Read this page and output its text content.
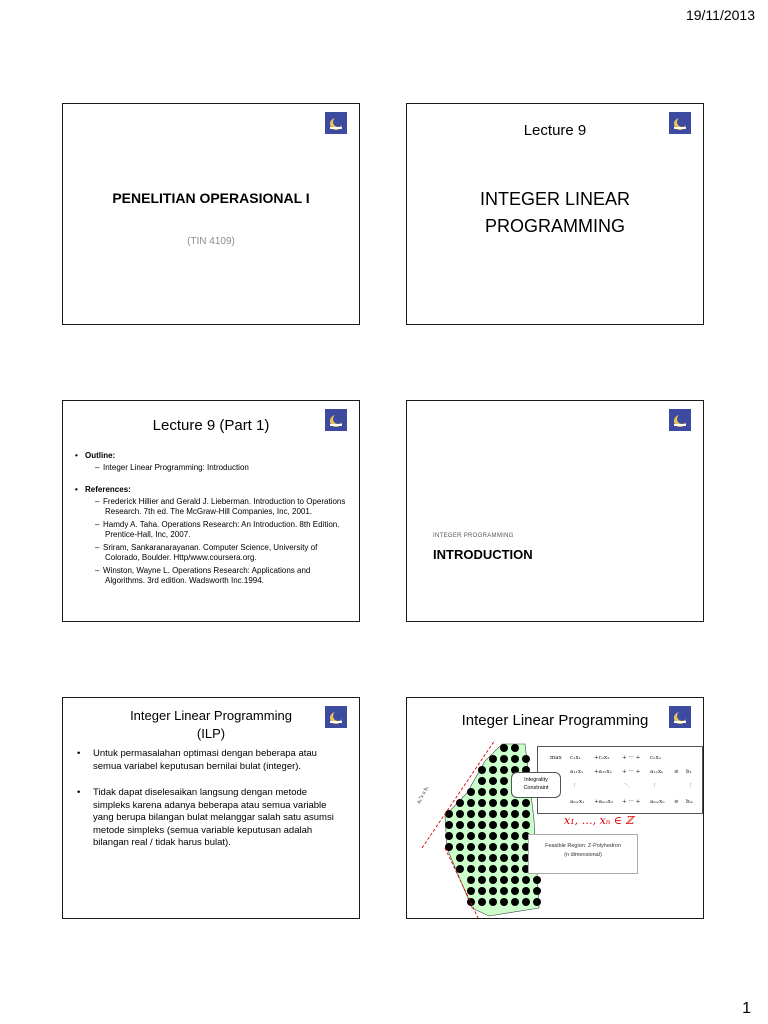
19/11/2013
PENELITIAN OPERASIONAL I
(TIN 4109)
Lecture 9
INTEGER LINEAR
PROGRAMMING
Lecture 9 (Part 1)
• Outline:
– Integer Linear Programming: Introduction
• References:
– Frederick Hillier and Gerald J. Lieberman. Introduction to Operations Research. 7th ed. The McGraw-Hill Companies, Inc, 2001.
– Hamdy A. Taha. Operations Research: An Introduction. 8th Edition. Prentice-Hall, Inc, 2007.
– Sriram, Sankaranarayanan. Computer Science, University of Colorado, Boulder. Http/www.coursera.org.
– Winston, Wayne L. Operations Research: Applications and Algorithms. 3rd edition. Wadsworth Inc.1994.
INTEGER PROGRAMMING
INTRODUCTION
Integer Linear Programming
(ILP)
• Untuk permasalahan optimasi dengan beberapa atau semua variabel keputusan bernilai bulat (integer).
• Tidak dapat diselesaikan langsung dengan metode simpleks karena adanya beberapa atau semua variable yang berupa bilangan bulat melanggar salah satu asumsi metode simpleks (semua variable keputusan adalah bilangan real / tidak harus bulat).
Integer Linear Programming
a₁ᵀx ≤ b₁
max c₁x₁ +c₂x₂ + ··· + cₙxₙ
a₁₁x₁ +a₁₂x₂ + ··· + a₁ₙxₙ ≤ b₁
⋮	⋱	⋮	⋮
aₘ₁x₁ +aₘ₂x₂ + ··· + aₘₙxₙ ≤ bₘ
Integrality
Constraint
Feasible Region: Z-Polyhedron
(n dimensional)
x₁, …, xₙ ∈ ℤ
1
